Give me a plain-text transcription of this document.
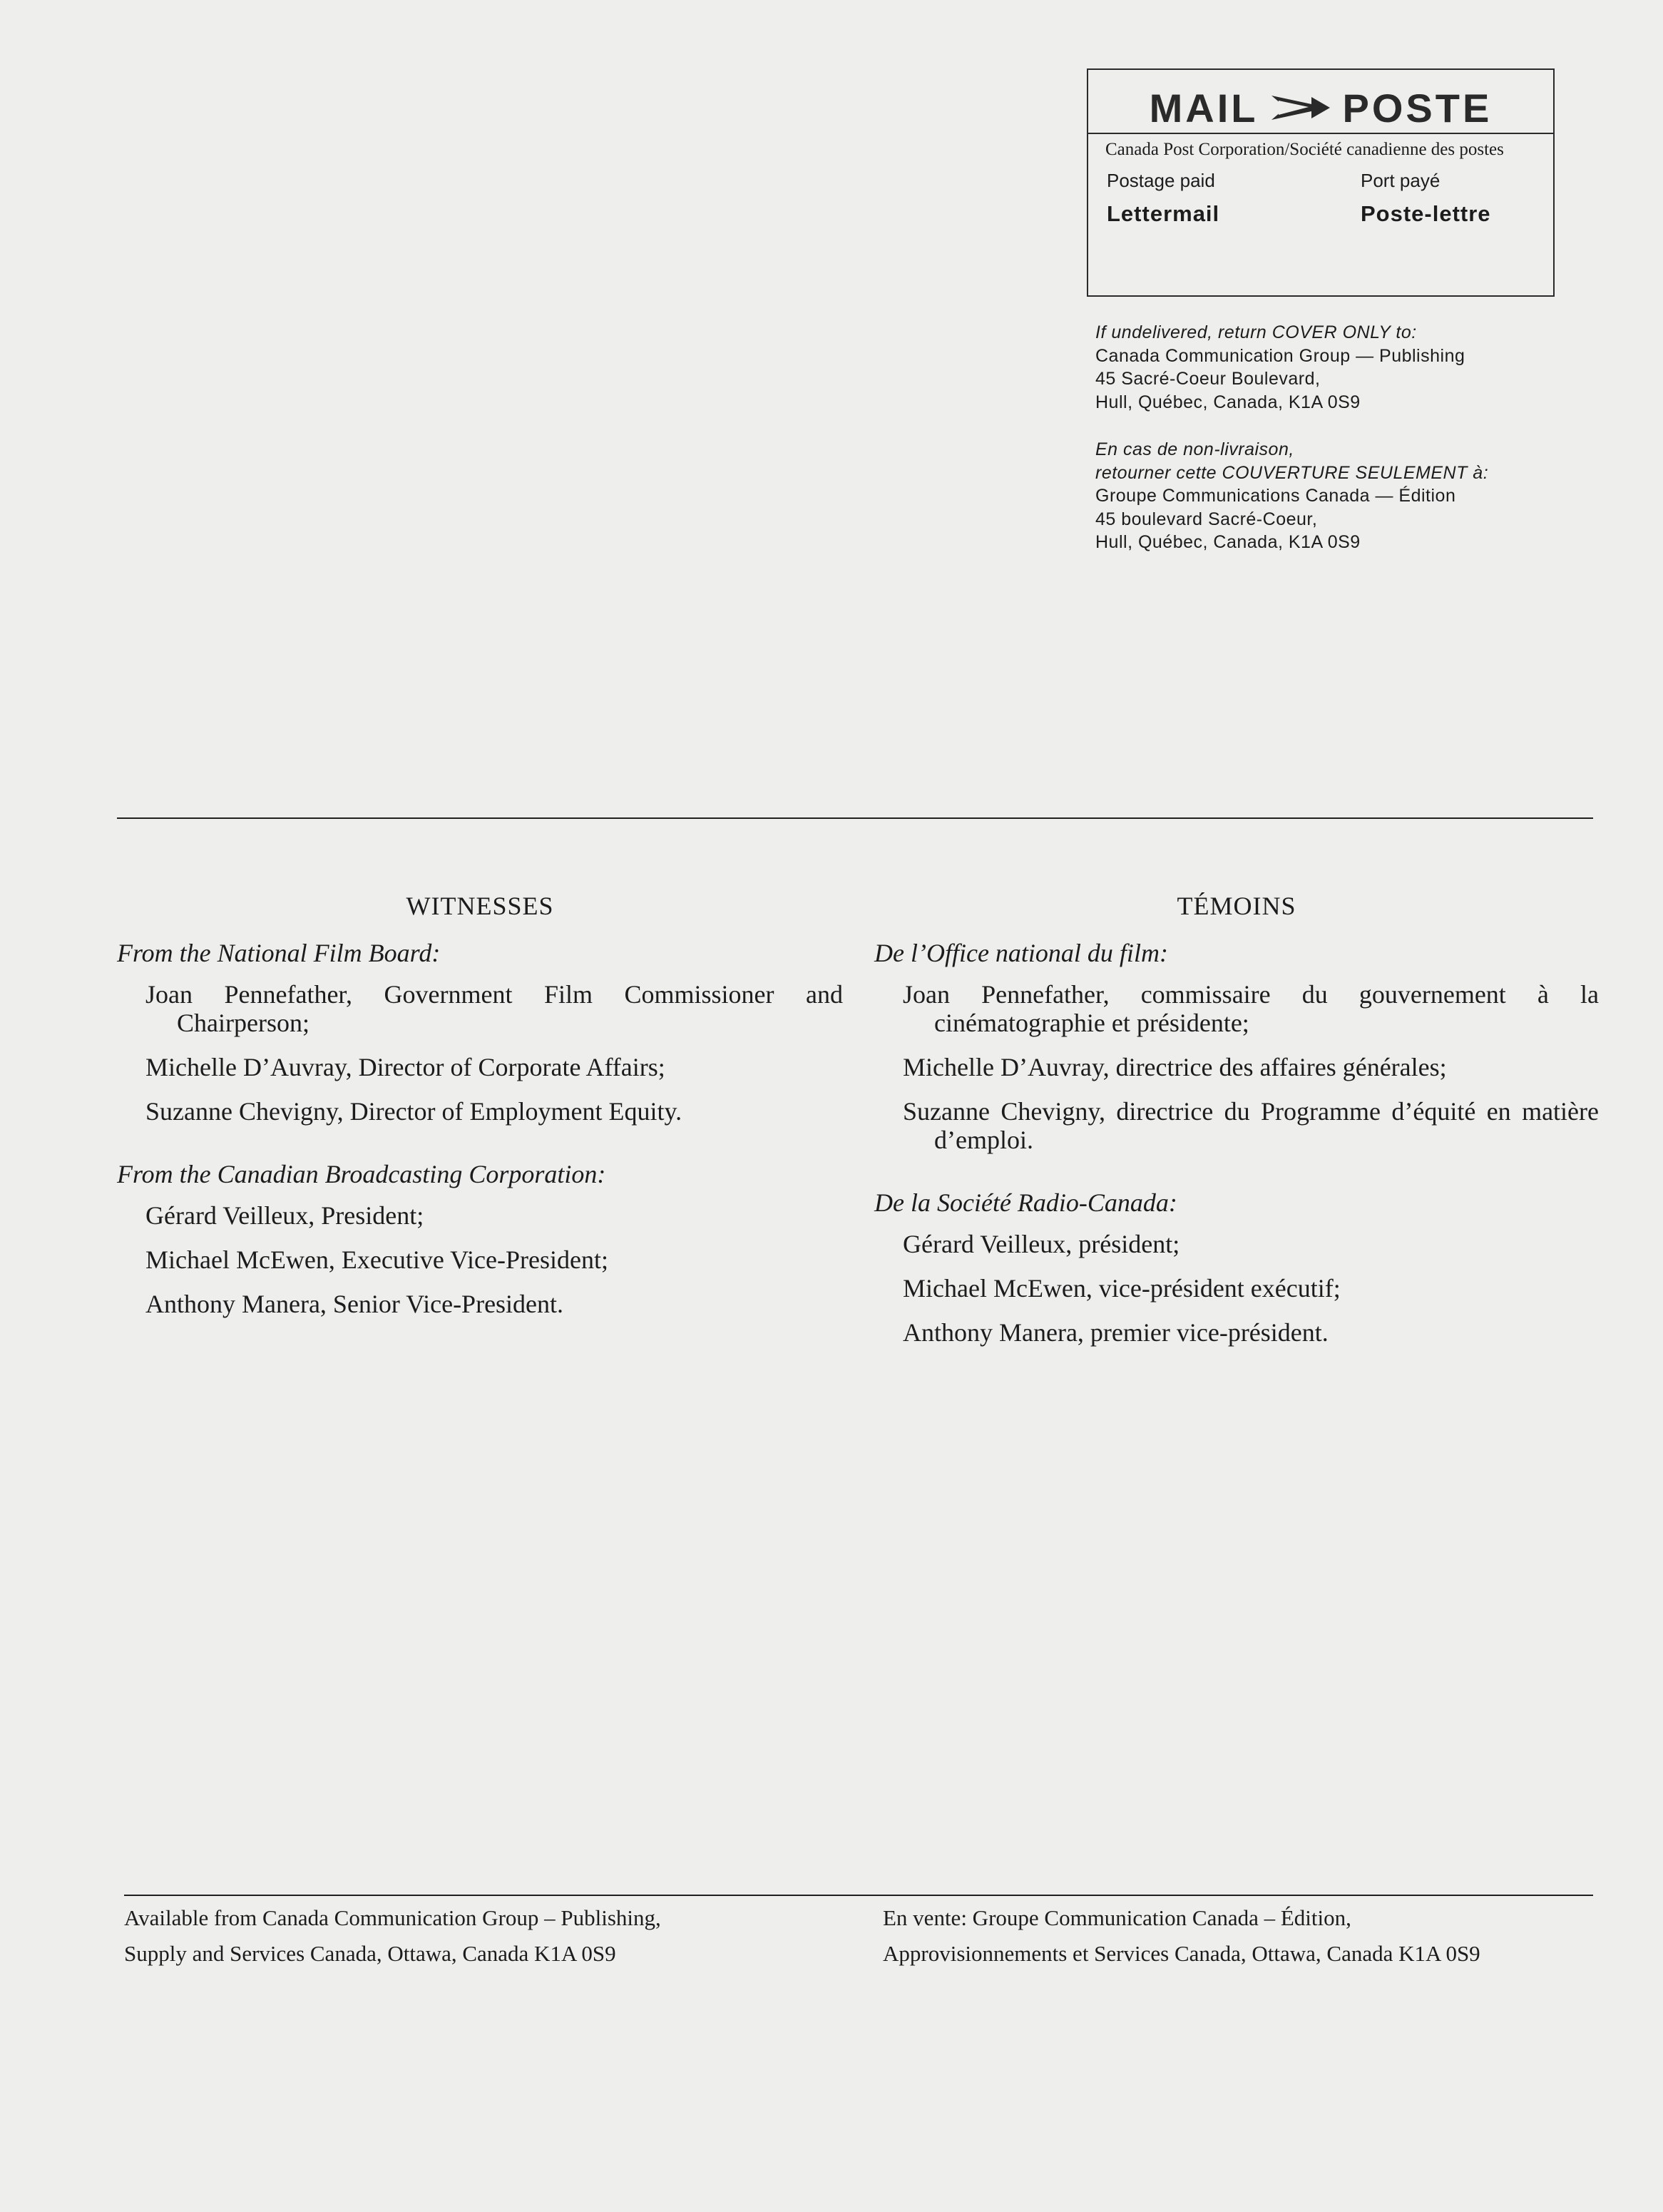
MAIL POSTE
Canada Post Corporation/Société canadienne des postes
Postage paid	Port payé
Lettermail	Poste-lettre
If undelivered, return COVER ONLY to:
Canada Communication Group — Publishing
45 Sacré-Coeur Boulevard,
Hull, Québec, Canada, K1A 0S9
En cas de non-livraison,
retourner cette COUVERTURE SEULEMENT à:
Groupe Communications Canada — Édition
45 boulevard Sacré-Coeur,
Hull, Québec, Canada, K1A 0S9
WITNESSES
From the National Film Board:
Joan Pennefather, Government Film Commissioner and Chairperson;
Michelle D’Auvray, Director of Corporate Affairs;
Suzanne Chevigny, Director of Employment Equity.
From the Canadian Broadcasting Corporation:
Gérard Veilleux, President;
Michael McEwen, Executive Vice-President;
Anthony Manera, Senior Vice-President.
TÉMOINS
De l’Office national du film:
Joan Pennefather, commissaire du gouvernement à la cinématographie et présidente;
Michelle D’Auvray, directrice des affaires générales;
Suzanne Chevigny, directrice du Programme d’équité en matière d’emploi.
De la Société Radio-Canada:
Gérard Veilleux, président;
Michael McEwen, vice-président exécutif;
Anthony Manera, premier vice-président.
Available from Canada Communication Group – Publishing,
Supply and Services Canada, Ottawa, Canada K1A 0S9
En vente: Groupe Communication Canada – Édition,
Approvisionnements et Services Canada, Ottawa, Canada K1A 0S9
